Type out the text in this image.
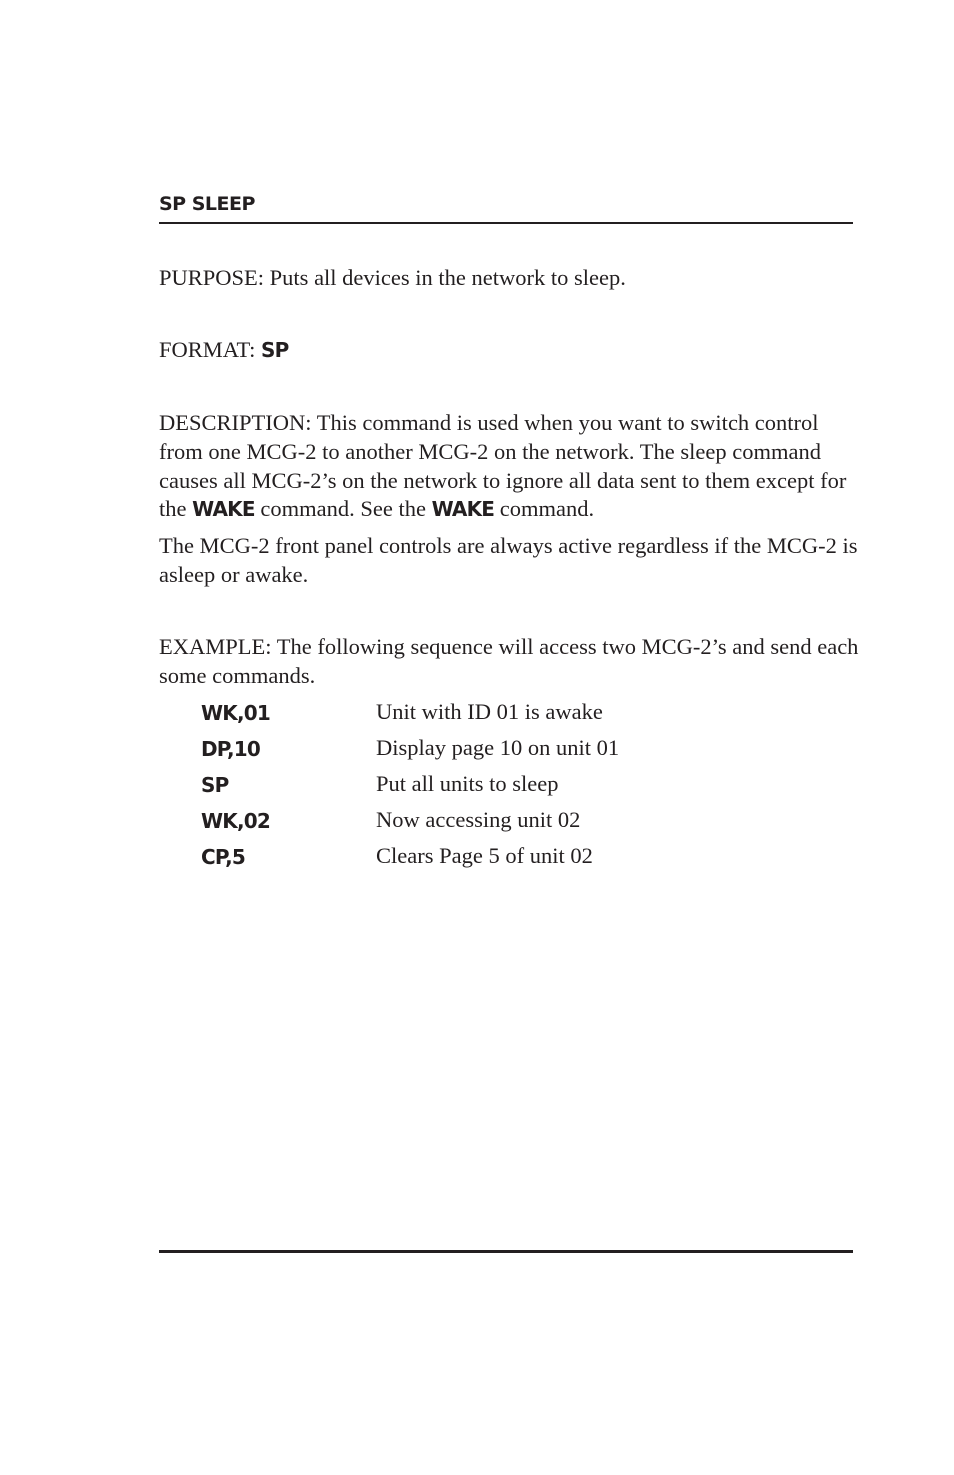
SP SLEEP

PURPOSE: Puts all devices in the network to sleep.

FORMAT: SP

DESCRIPTION: This command is used when you want to switch control from one MCG-2 to another MCG-2 on the network. The sleep command causes all MCG-2’s on the network to ignore all data sent to them except for the WAKE command. See the WAKE command.

The MCG-2 front panel controls are always active regardless if the MCG-2 is asleep or awake.

EXAMPLE: The following sequence will access two MCG-2’s and send each some commands.

WK,01	Unit with ID 01 is awake
DP,10	Display page 10 on unit 01
SP	Put all units to sleep
WK,02	Now accessing unit 02
CP,5	Clears Page 5 of unit 02
